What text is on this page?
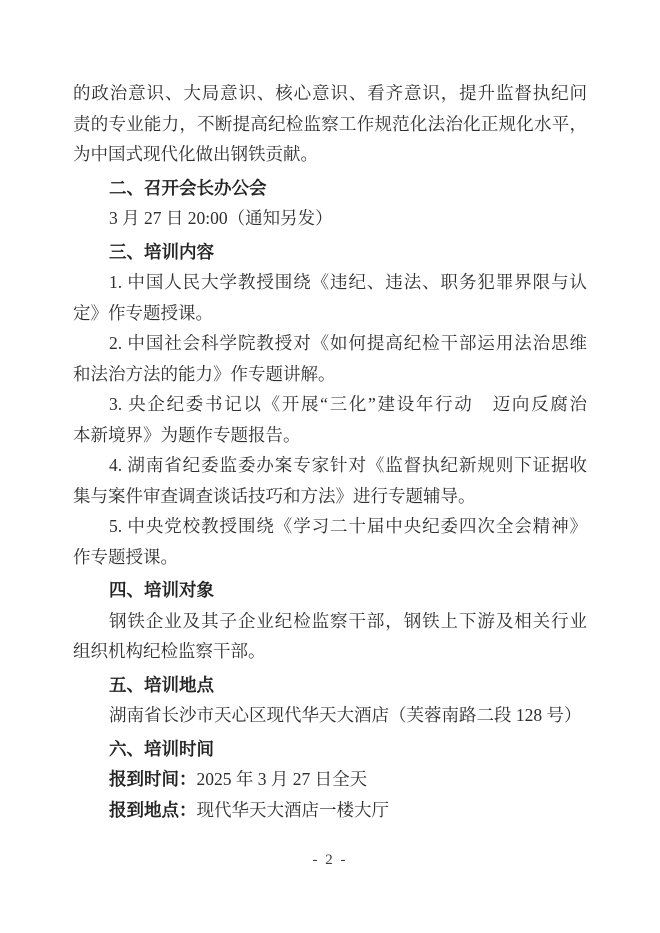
的政治意识、大局意识、核心意识、看齐意识，提升监督执纪问
责的专业能力，不断提高纪检监察工作规范化法治化正规化水平，
为中国式现代化做出钢铁贡献。
二、召开会长办公会
3 月 27 日 20:00（通知另发）
三、培训内容
1. 中国人民大学教授围绕《违纪、违法、职务犯罪界限与认
定》作专题授课。
2. 中国社会科学院教授对《如何提高纪检干部运用法治思维
和法治方法的能力》作专题讲解。
3. 央企纪委书记以《开展“三化”建设年行动　迈向反腐治
本新境界》为题作专题报告。
4. 湖南省纪委监委办案专家针对《监督执纪新规则下证据收
集与案件审查调查谈话技巧和方法》进行专题辅导。
5. 中央党校教授围绕《学习二十届中央纪委四次全会精神》
作专题授课。
四、培训对象
钢铁企业及其子企业纪检监察干部，钢铁上下游及相关行业
组织机构纪检监察干部。
五、培训地点
湖南省长沙市天心区现代华天大酒店（芙蓉南路二段 128 号）
六、培训时间
报到时间：2025 年 3 月 27 日全天
报到地点：现代华天大酒店一楼大厅
- 2 -
